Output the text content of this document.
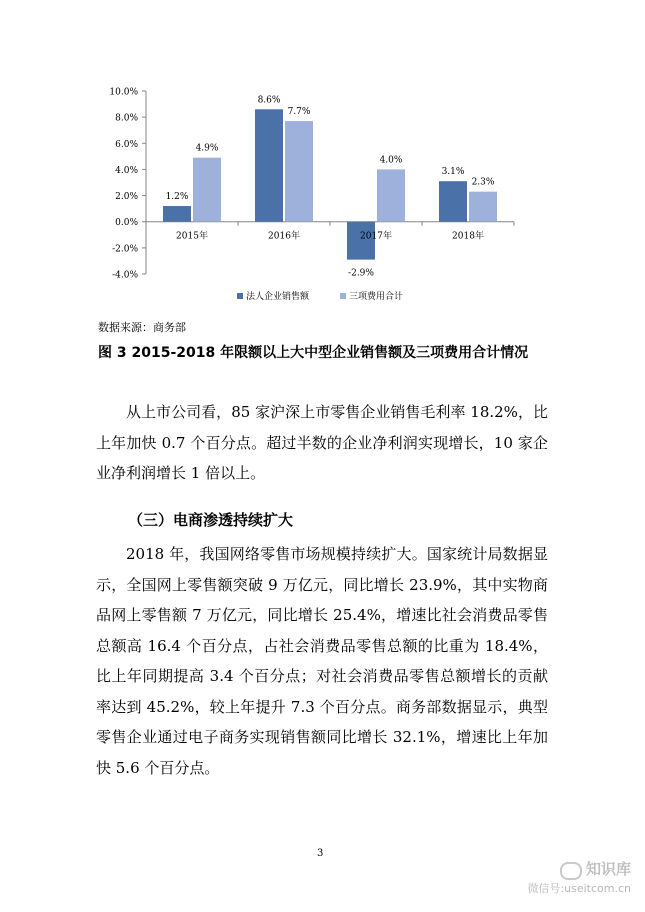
10.0%
8.0%
6.0%
4.0%
2.0%
0.0%
-2.0%
-4.0%
1.2%
4.9%
2015年
8.6%
7.7%
2016年
-2.9%
4.0%
2017年
3.1%
2.3%
2018年
法人企业销售额	三项费用合计
数据来源：商务部
图 3 2015-2018 年限额以上大中型企业销售额及三项费用合计情况

从上市公司看，85 家沪深上市零售企业销售毛利率 18.2%，比上年加快 0.7 个百分点。超过半数的企业净利润实现增长，10 家企业净利润增长 1 倍以上。

（三）电商渗透持续扩大

2018 年，我国网络零售市场规模持续扩大。国家统计局数据显示，全国网上零售额突破 9 万亿元，同比增长 23.9%，其中实物商品网上零售额 7 万亿元，同比增长 25.4%，增速比社会消费品零售总额高 16.4 个百分点，占社会消费品零售总额的比重为 18.4%，比上年同期提高 3.4 个百分点；对社会消费品零售总额增长的贡献率达到 45.2%，较上年提升 7.3 个百分点。商务部数据显示，典型零售企业通过电子商务实现销售额同比增长 32.1%，增速比上年加快 5.6 个百分点。

3
知识库
微信号:useitcom.cn
